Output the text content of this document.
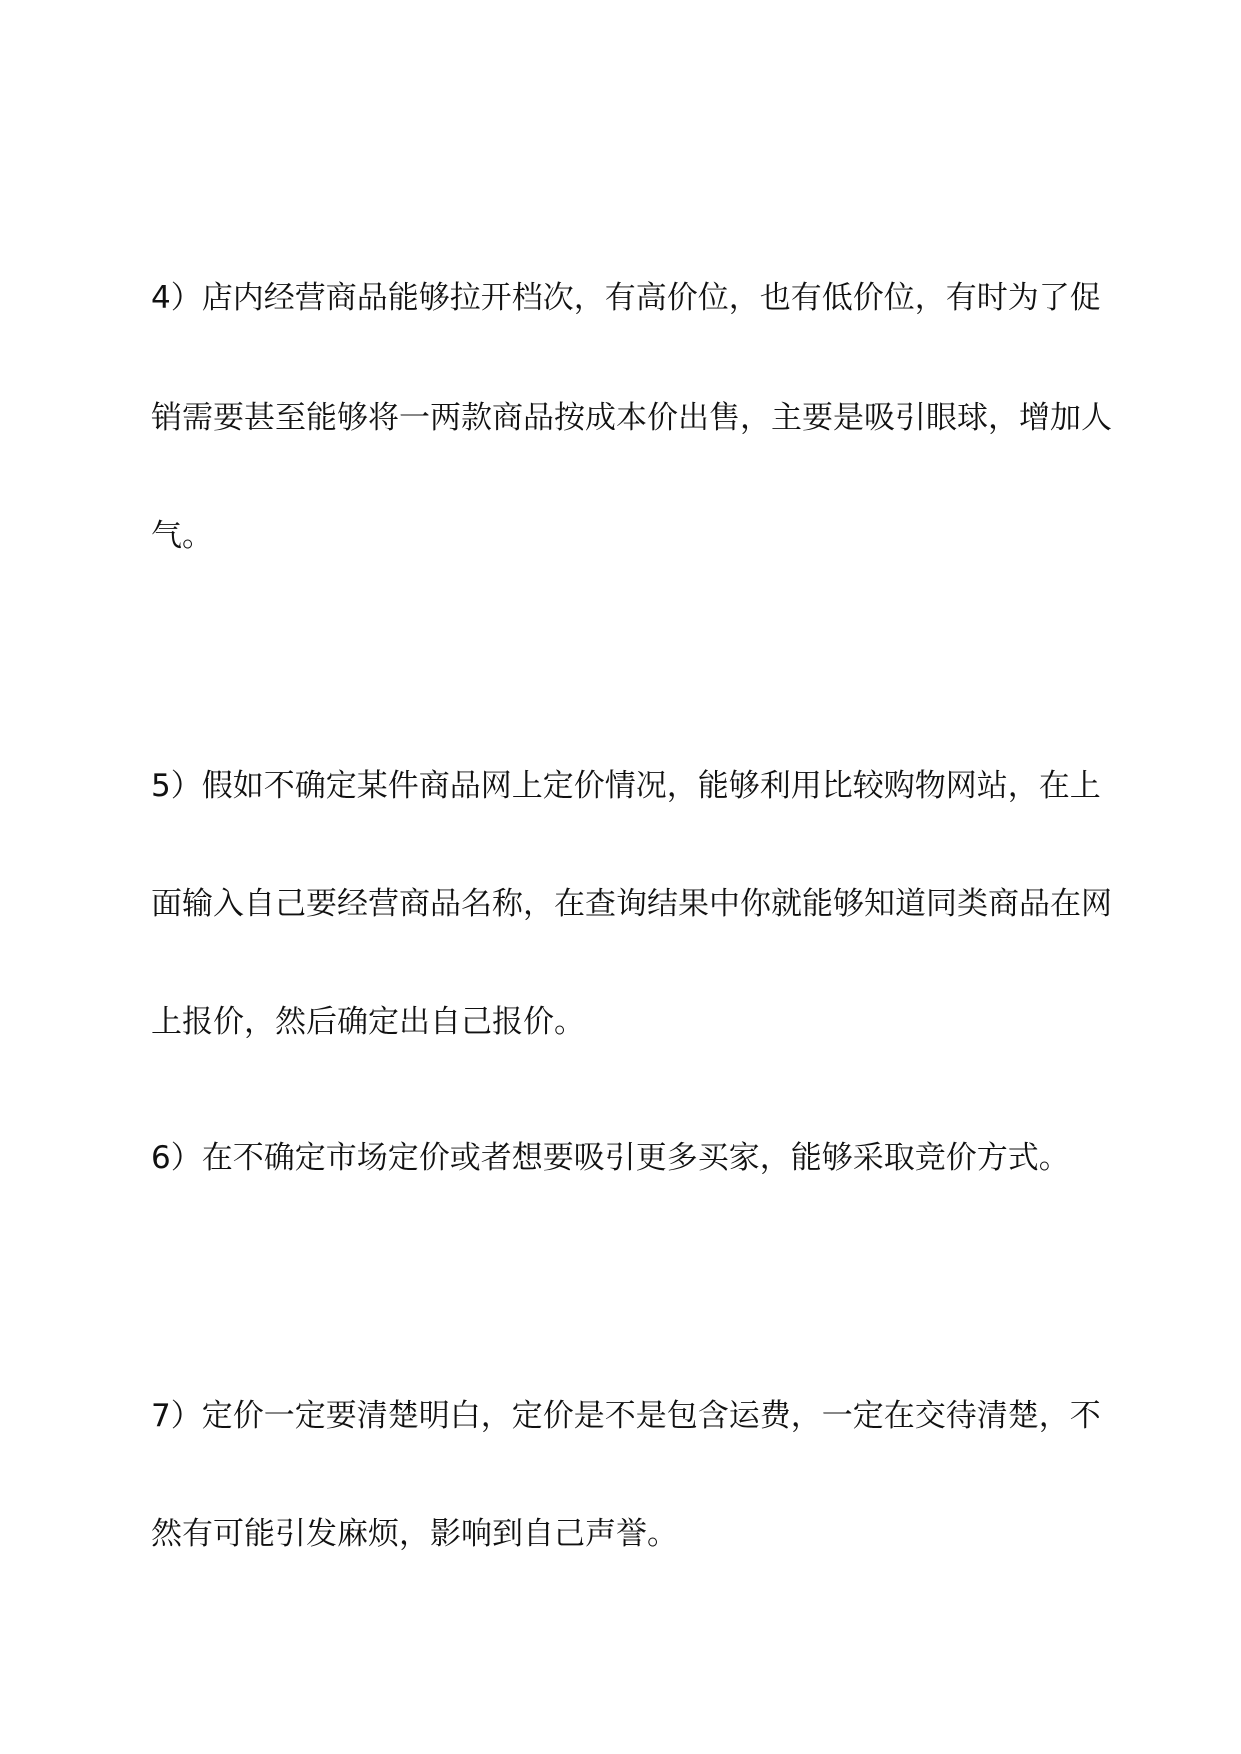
4）店内经营商品能够拉开档次，有高价位，也有低价位，有时为了促
销需要甚至能够将一两款商品按成本价出售，主要是吸引眼球，增加人
气。
5）假如不确定某件商品网上定价情况，能够利用比较购物网站，在上
面输入自己要经营商品名称，在查询结果中你就能够知道同类商品在网
上报价，然后确定出自己报价。
6）在不确定市场定价或者想要吸引更多买家，能够采取竞价方式。
7）定价一定要清楚明白，定价是不是包含运费，一定在交待清楚，不
然有可能引发麻烦，影响到自己声誉。
